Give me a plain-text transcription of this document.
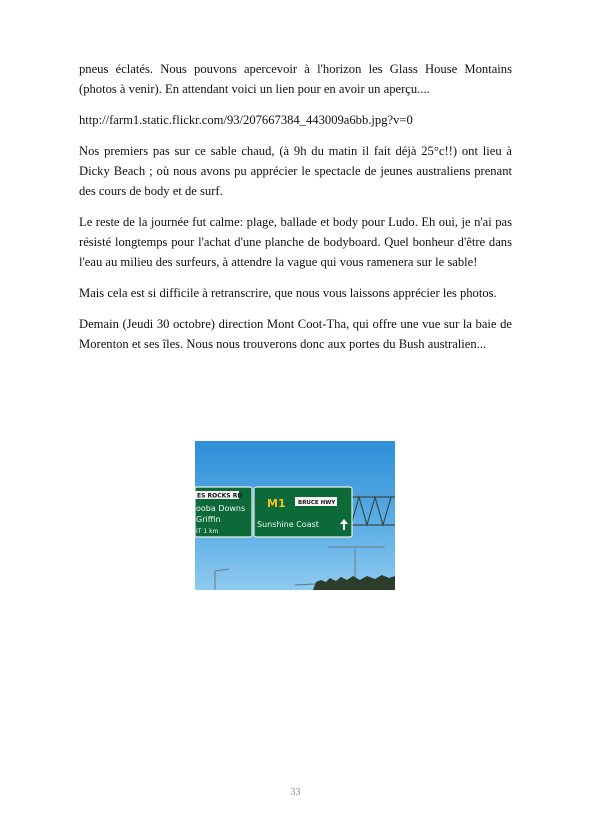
pneus éclatés. Nous pouvons apercevoir à l'horizon les Glass House Montains (photos à venir). En attendant voici un lien pour en avoir un aperçu....

http://farm1.static.flickr.com/93/207667384_443009a6bb.jpg?v=0

Nos premiers pas sur ce sable chaud, (à 9h du matin il fait déjà 25°c!!) ont lieu à Dicky Beach ; où nous avons pu apprécier le spectacle de jeunes australiens prenant des cours de body et de surf.

Le reste de la journée fut calme: plage, ballade et body pour Ludo. Eh oui, je n'ai pas résisté longtemps pour l'achat d'une planche de bodyboard. Quel bonheur d'être dans l'eau au milieu des surfeurs, à attendre la vague qui vous ramenera sur le sable!

Mais cela est si difficile à retranscrire, que nous vous laissons apprécier les photos.

Demain (Jeudi 30 octobre) direction Mont Coot-Tha, qui offre une vue sur la baie de Morenton et ses îles. Nous nous trouverons donc aux portes du Bush australien...

ES ROCKS RD
ooba Downs
Griffin
IT 1 km
M1 BRUCE HWY
Sunshine Coast
33
